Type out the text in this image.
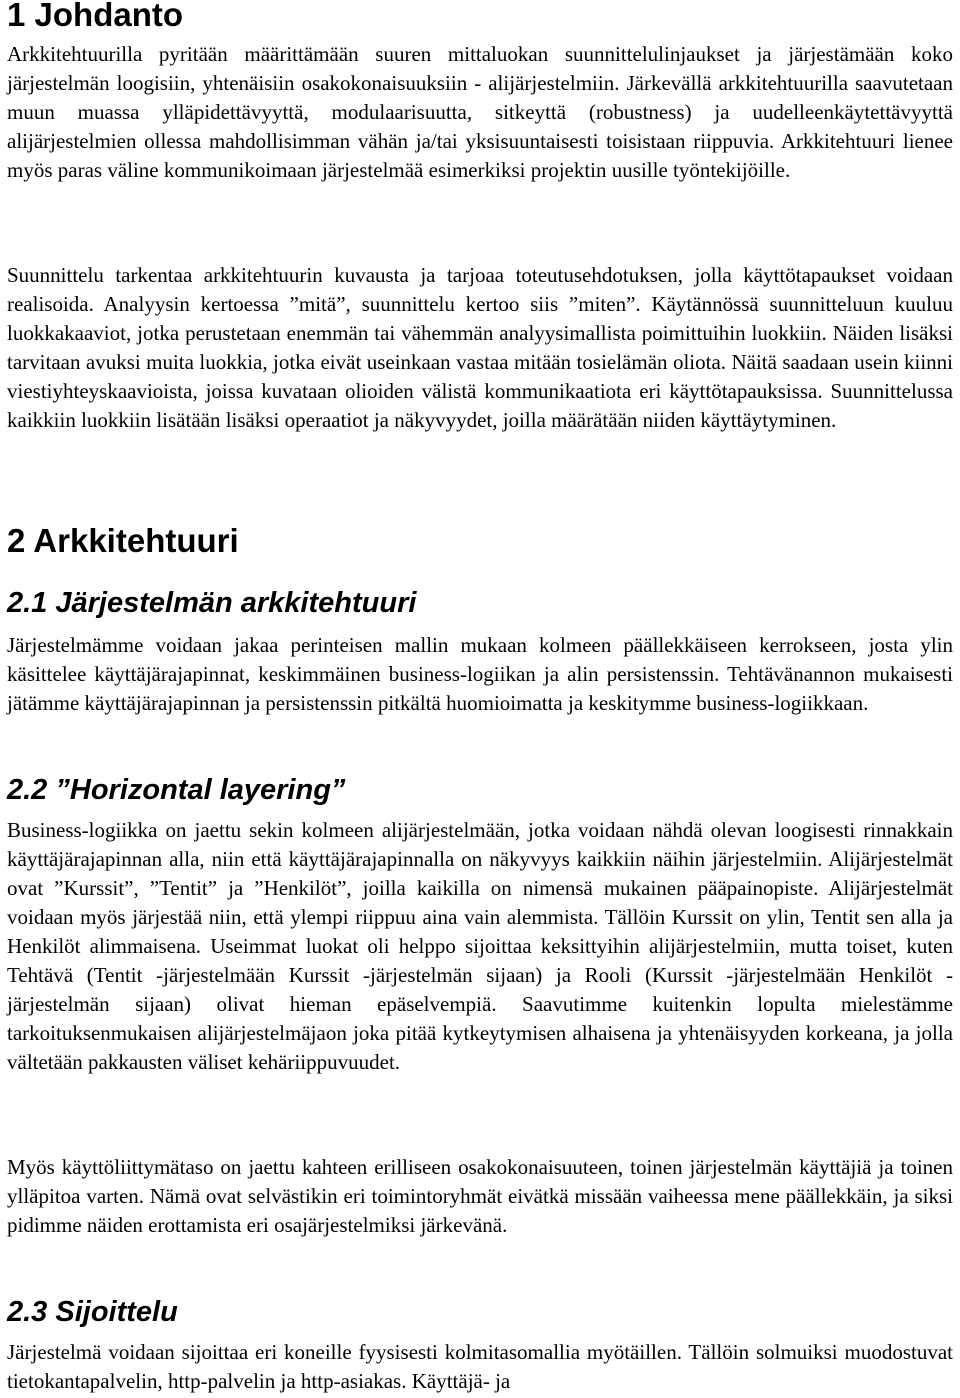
1 Johdanto

Arkkitehtuurilla pyritään määrittämään suuren mittaluokan suunnittelulinjaukset ja järjestämään koko järjestelmän loogisiin, yhtenäisiin osakokonaisuuksiin - alijärjestelmiin. Järkevällä arkkitehtuurilla saavutetaan muun muassa ylläpidettävyyttä, modulaarisuutta, sitkeyttä (robustness) ja uudelleenkäytettävyyttä alijärjestelmien ollessa mahdollisimman vähän ja/tai yksisuuntaisesti toisistaan riippuvia. Arkkitehtuuri lienee myös paras väline kommunikoimaan järjestelmää esimerkiksi projektin uusille työntekijöille.

Suunnittelu tarkentaa arkkitehtuurin kuvausta ja tarjoaa toteutusehdotuksen, jolla käyttötapaukset voidaan realisoida. Analyysin kertoessa ”mitä”, suunnittelu kertoo siis ”miten”. Käytännössä suunnitteluun kuuluu luokkakaaviot, jotka perustetaan enemmän tai vähemmän analyysimallista poimittuihin luokkiin. Näiden lisäksi tarvitaan avuksi muita luokkia, jotka eivät useinkaan vastaa mitään tosielämän oliota. Näitä saadaan usein kiinni viestiyhteyskaavioista, joissa kuvataan olioiden välistä kommunikaatiota eri käyttötapauksissa. Suunnittelussa kaikkiin luokkiin lisätään lisäksi operaatiot ja näkyvyydet, joilla määrätään niiden käyttäytyminen.

2 Arkkitehtuuri
2.1 Järjestelmän arkkitehtuuri

Järjestelmämme voidaan jakaa perinteisen mallin mukaan kolmeen päällekkäiseen kerrokseen, josta ylin käsittelee käyttäjärajapinnat, keskimmäinen business-logiikan ja alin persistenssin. Tehtävänannon mukaisesti jätämme käyttäjärajapinnan ja persistenssin pitkältä huomioimatta ja keskitymme business-logiikkaan.

2.2 ”Horizontal layering”

Business-logiikka on jaettu sekin kolmeen alijärjestelmään, jotka voidaan nähdä olevan loogisesti rinnakkain käyttäjärajapinnan alla, niin että käyttäjärajapinnalla on näkyvyys kaikkiin näihin järjestelmiin. Alijärjestelmät ovat ”Kurssit”, ”Tentit” ja ”Henkilöt”, joilla kaikilla on nimensä mukainen pääpainopiste. Alijärjestelmät voidaan myös järjestää niin, että ylempi riippuu aina vain alemmista. Tällöin Kurssit on ylin, Tentit sen alla ja Henkilöt alimmaisena. Useimmat luokat oli helppo sijoittaa keksittyihin alijärjestelmiin, mutta toiset, kuten Tehtävä (Tentit -järjestelmään Kurssit -järjestelmän sijaan) ja Rooli (Kurssit -järjestelmään Henkilöt -järjestelmän sijaan) olivat hieman epäselvempiä. Saavutimme kuitenkin lopulta mielestämme tarkoituksenmukaisen alijärjestelmäjaon joka pitää kytkeytymisen alhaisena ja yhtenäisyyden korkeana, ja jolla vältetään pakkausten väliset kehäriippuvuudet.

Myös käyttöliittymätaso on jaettu kahteen erilliseen osakokonaisuuteen, toinen järjestelmän käyttäjiä ja toinen ylläpitoa varten. Nämä ovat selvästikin eri toimintoryhmät eivätkä missään vaiheessa mene päällekkäin, ja siksi pidimme näiden erottamista eri osajärjestelmiksi järkevänä.

2.3 Sijoittelu

Järjestelmä voidaan sijoittaa eri koneille fyysisesti kolmitasomallia myötäillen. Tällöin solmuiksi muodostuvat tietokantapalvelin, http-palvelin ja http-asiakas. Käyttäjä- ja
